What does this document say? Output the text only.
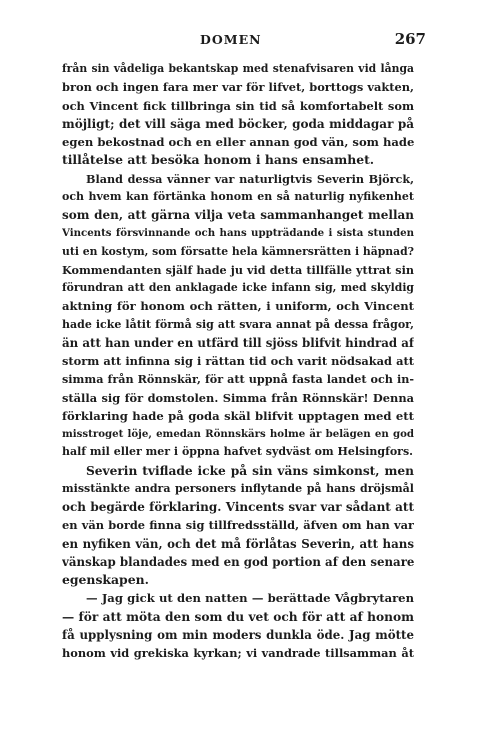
DOMEN	267
från sin vådeliga bekantskap med stenafvisaren vid långa
bron och ingen fara mer var för lifvet, borttogs vakten,
och Vincent fick tillbringa sin tid så komfortabelt som
möjligt; det vill säga med böcker, goda middagar på
egen bekostnad och en eller annan god vän, som hade
tillåtelse att besöka honom i hans ensamhet.
Bland dessa vänner var naturligtvis Severin Björck,
och hvem kan förtänka honom en så naturlig nyfikenhet
som den, att gärna vilja veta sammanhanget mellan
Vincents försvinnande och hans uppträdande i sista stunden
uti en kostym, som försatte hela kämnersrätten i häpnad?
Kommendanten själf hade ju vid detta tillfälle yttrat sin
förundran att den anklagade icke infann sig, med skyldig
aktning för honom och rätten, i uniform, och Vincent
hade icke låtit förmå sig att svara annat på dessa frågor,
än att han under en utfärd till sjöss blifvit hindrad af
storm att infinna sig i rättan tid och varit nödsakad att
simma från Rönnskär, för att uppnå fasta landet och in-
ställa sig för domstolen. Simma från Rönnskär! Denna
förklaring hade på goda skäl blifvit upptagen med ett
misstroget löje, emedan Rönnskärs holme är belägen en god
half mil eller mer i öppna hafvet sydväst om Helsingfors.
Severin tviflade icke på sin väns simkonst, men
misstänkte andra personers inflytande på hans dröjsmål
och begärde förklaring. Vincents svar var sådant att
en vän borde finna sig tillfredsställd, äfven om han var
en nyfiken vän, och det må förlåtas Severin, att hans
vänskap blandades med en god portion af den senare
egenskapen.
— Jag gick ut den natten — berättade Vågbrytaren
— för att möta den som du vet och för att af honom
få upplysning om min moders dunkla öde. Jag mötte
honom vid grekiska kyrkan; vi vandrade tillsamman åt
